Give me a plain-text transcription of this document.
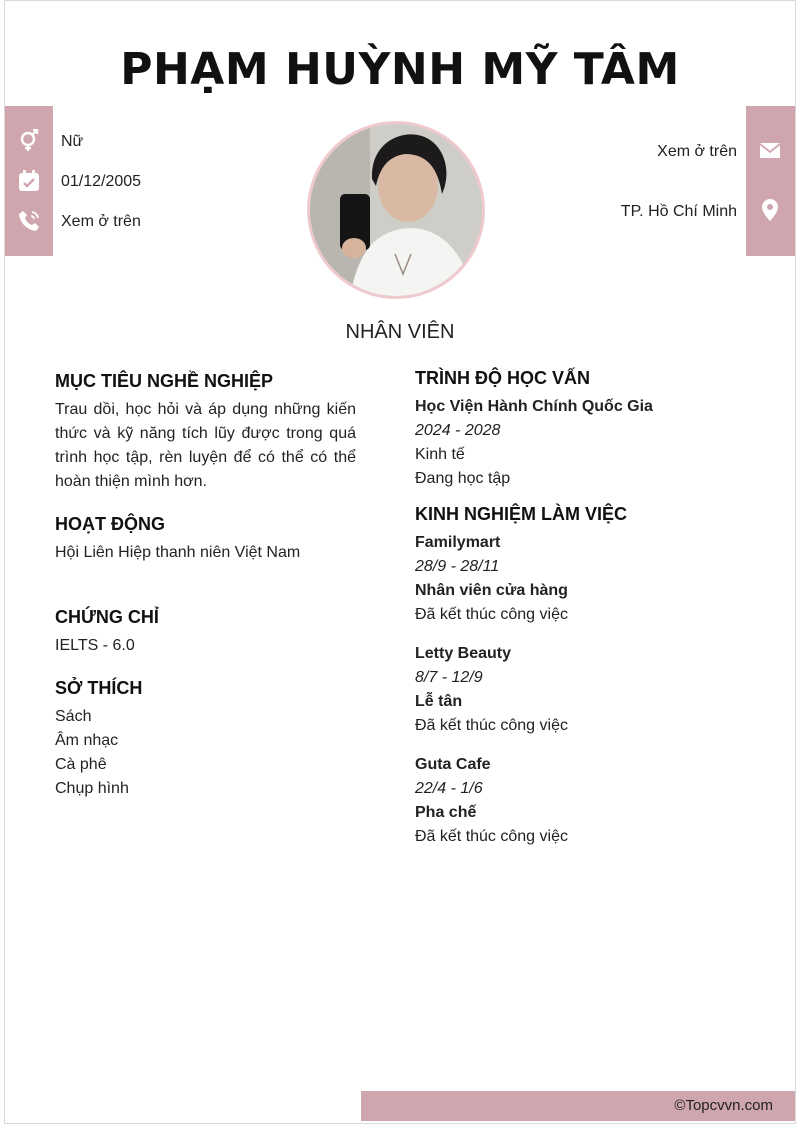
PHẠM HUỲNH MỸ TÂM
Nữ
01/12/2005
Xem ở trên
Xem ở trên
TP. Hồ Chí Minh

NHÂN VIÊN

MỤC TIÊU NGHỀ NGHIỆP

Trau dồi, học hỏi và áp dụng những kiến thức và kỹ năng tích lũy được trong quá trình học tập, rèn luyện để có thể có thể hoàn thiện mình hơn.

HOẠT ĐỘNG

Hội Liên Hiệp thanh niên Việt Nam

CHỨNG CHỈ

IELTS - 6.0

SỞ THÍCH

Sách

Âm nhạc

Cà phê

Chụp hình

TRÌNH ĐỘ HỌC VẤN

Học Viện Hành Chính Quốc Gia

2024 - 2028

Kinh tế

Đang học tập

KINH NGHIỆM LÀM VIỆC

Familymart

28/9 - 28/11

Nhân viên cửa hàng

Đã kết thúc công việc

Letty Beauty

8/7 - 12/9

Lễ tân

Đã kết thúc công việc

Guta Cafe

22/4 - 1/6

Pha chế

Đã kết thúc công việc

©Topcvvn.com
